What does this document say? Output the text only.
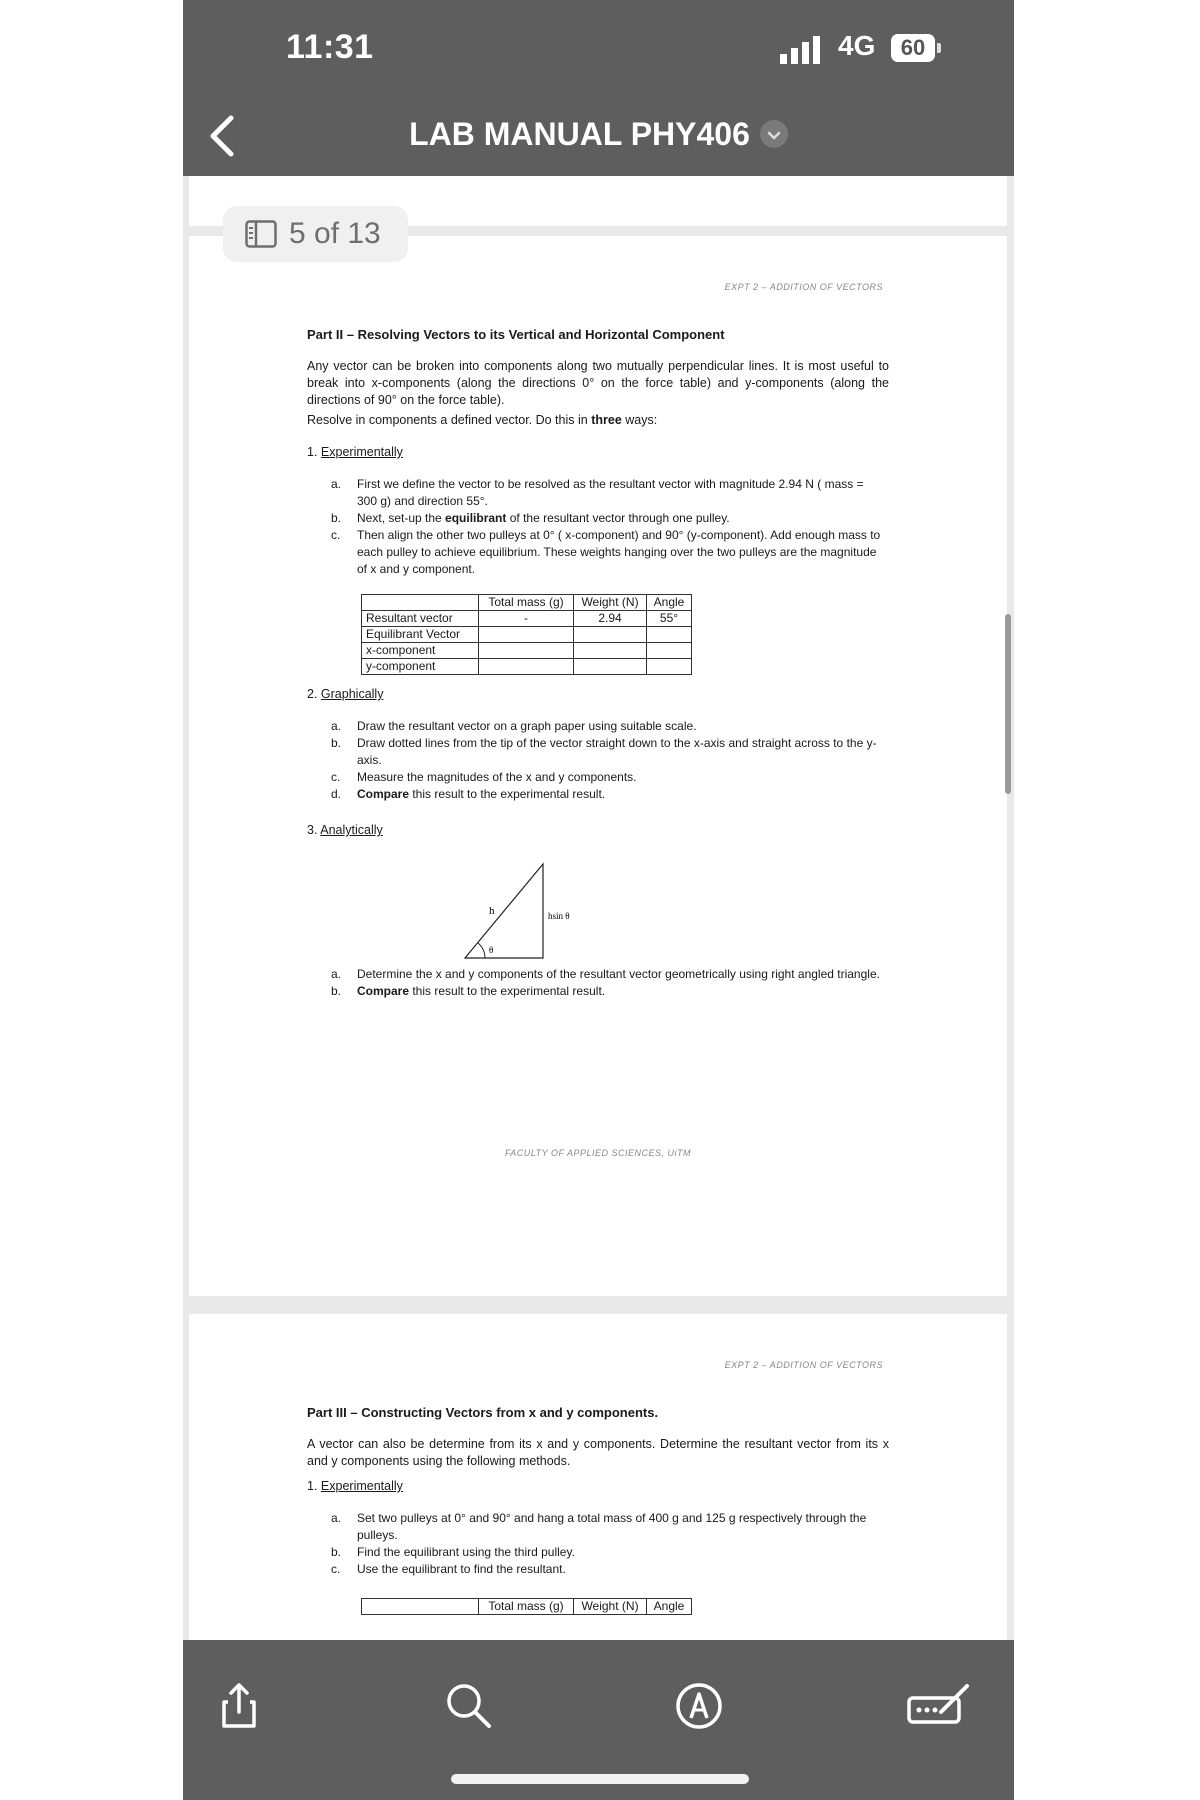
11:31	4G	60
LAB MANUAL PHY406
EXPT 2 – ADDITION OF VECTORS
Part II – Resolving Vectors to its Vertical and Horizontal Component
Any vector can be broken into components along two mutually perpendicular lines. It is most useful to break into x-components (along the directions 0° on the force table) and y-components (along the directions of 90° on the force table).
Resolve in components a defined vector. Do this in three ways:
1. Experimentally
a. First we define the vector to be resolved as the resultant vector with magnitude 2.94 N ( mass = 300 g) and direction 55°.
b. Next, set-up the equilibrant of the resultant vector through one pulley.
c. Then align the other two pulleys at 0° ( x-component) and 90° (y-component). Add enough mass to each pulley to achieve equilibrium. These weights hanging over the two pulleys are the magnitude of x and y component.
	Total mass (g)	Weight (N)	Angle
Resultant vector	-	2.94	55°
Equilibrant Vector			
x-component			
y-component			
2. Graphically
a. Draw the resultant vector on a graph paper using suitable scale.
b. Draw dotted lines from the tip of the vector straight down to the x-axis and straight across to the y-axis.
c. Measure the magnitudes of the x and y components.
d. Compare this result to the experimental result.
3. Analytically
h	hsin θ
θ
a. Determine the x and y components of the resultant vector geometrically using right angled triangle.
b. Compare this result to the experimental result.
FACULTY OF APPLIED SCIENCES, UiTM
EXPT 2 – ADDITION OF VECTORS
Part III – Constructing Vectors from x and y components.
A vector can also be determine from its x and y components. Determine the resultant vector from its x and y components using the following methods.
1. Experimentally
a. Set two pulleys at 0° and 90° and hang a total mass of 400 g and 125 g respectively through the pulleys.
b. Find the equilibrant using the third pulley.
c. Use the equilibrant to find the resultant.
	Total mass (g)	Weight (N)	Angle
5 of 13
